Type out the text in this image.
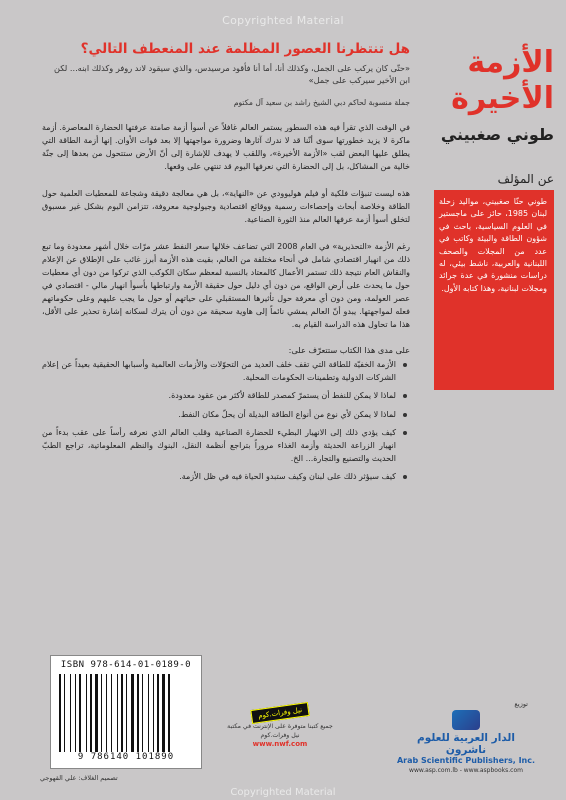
Copyrighted Material
الأزمة
الأخيرة
طوني صغبيني
عن المؤلف
طوني حنّا صغبيني، مواليد زحلة لبنان 1985، حائز على ماجستير في العلوم السياسية، باحث في شؤون الطاقة والبيئة وكاتب في عدد من المجلات والصحف اللبنانية والعربية، ناشط بيئي، له دراسات منشورة في عدة جرائد ومجلات لبنانية، وهذا كتابه الأول.
هل تنتظرنا العصور المظلمة عند المنعطف التالي؟
«حتّى كان يركب على الجمل، وكذلك أنا، أما أنا فأقود مرسيدس، والذي سيقود لاند روفر وكذلك ابنه... لكن ابن الأخير سيركب على جمل»
جملة منسوبة لحاكم دبي الشيخ راشد بن سعيد آل مكتوم
في الوقت الذي تقرأ فيه هذه السطور يستمر العالم غافلاً عن أسوأ أزمة صامتة عرفتها الحضارة المعاصرة. أزمة ماكرة لا يزيد خطورتها سوى أنّنا قد لا ندرك آثارها وضرورة مواجهتها إلا بعد فوات الأوان. إنها أزمة الطاقة التي يطلق عليها البعض لقب «الأزمة الأخيرة»، واللقب لا يهدف للإشارة إلى أنّ الأرض ستتحول من بعدها إلى جنّة خالية من المشاكل، بل إلى الحضارة التي نعرفها اليوم قد تنتهي على وقعها.
هذه ليست تنبؤات فلكية أو فيلم هوليوودي عن «النهاية»، بل هي معالجة دقيقة وشجاعة للمعطيات العلمية حول الطاقة وخلاصة أبحاث وإحصاءات رسمية ووقائع اقتصادية وجيولوجية معروفة، تتزامن اليوم بشكل غير مسبوق لتخلق أسوأ أزمة عرفها العالم منذ الثورة الصناعية.
رغم الأزمة «التحذيرية» في العام 2008 التي تضاعف خلالها سعر النفط عشر مرّات خلال أشهر معدودة وما تبع ذلك من انهيار اقتصادي شامل في أنحاء مختلفة من العالم، بقيت هذه الأزمة أبرز غائب على الإطلاق عن الإعلام والنقاش العام نتيجة ذلك تستمر الأعمال كالمعتاد بالنسبة لمعظم سكان الكوكب الذي تركوا من دون أي معطيات حول ما يحدث على أرض الواقع، من دون أي دليل حول حقيقة الأزمة وارتباطها بأسوأ انهيار مالي - اقتصادي في عصر العولمة، ومن دون أي معرفة حول تأثيرها المستقبلي على حياتهم أو حول ما يجب عليهم وعلى حكوماتهم فعله لمواجهتها. يبدو أنّ العالم يمشي نائماً إلى هاوية سحيقة من دون أن يترك لسكانه إشارة تحذير على الأقل، هذا ما تحاول هذه الدراسة القيام به.
على مدى هذا الكتاب ستتعرّف على:
الأزمة الخفيّة للطاقة التي تقف خلف العديد من التحوّلات والأزمات العالمية وأسبابها الحقيقية بعيداً عن إعلام الشركات الدولية وتطمينات الحكومات المحلية.
لماذا لا يمكن للنفط أن يستمرّ كمصدر للطاقة لأكثر من عقود معدودة.
لماذا لا يمكن لأي نوع من أنواع الطاقة البديلة أن يحلّ مكان النفط.
كيف يؤدي ذلك إلى الانهيار البطيء للحضارة الصناعية وقلب العالم الذي نعرفه رأساً على عقب بدءاً من انهيار الزراعة الحديثة وأزمة الغذاء مروراً بتراجع أنظمة النقل، البنوك والنظم المعلوماتية، تراجع الطبّ الحديث والتصنيع والتجارة... الخ.
كيف سيؤثر ذلك على لبنان وكيف ستبدو الحياة فيه في ظل الأزمة.
ISBN 978-614-01-0189-0
9 786140 101890
نيل وفرات.كوم
جميع كتبنا متوفرة على الإنترنت في مكتبة نيل وفرات.كوم
www.nwf.com
توزيع
الدار العربية للعلوم ناشرون
Arab Scientific Publishers, Inc.
www.asp.com.lb - www.aspbooks.com
تصميم الغلاف: علي القهوجي
Copyrighted Material
